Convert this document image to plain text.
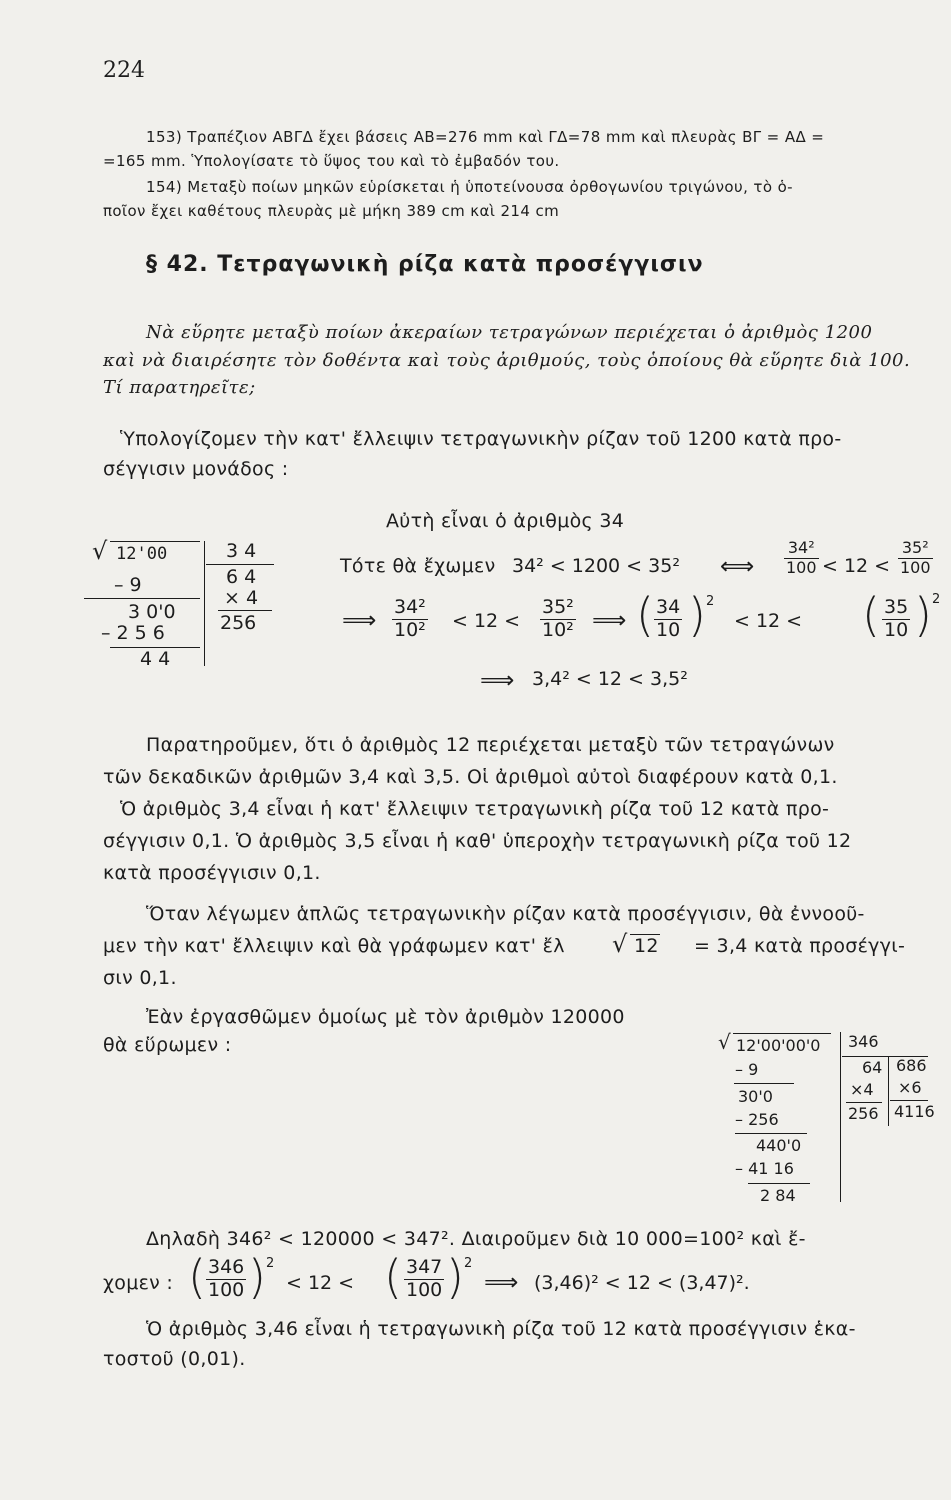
224
153) Τραπέζιον ΑΒΓΔ ἔχει βάσεις ΑΒ=276 mm καὶ ΓΔ=78 mm καὶ πλευρὰς ΒΓ = ΑΔ =
=165 mm. Ὑπολογίσατε τὸ ὕψος του καὶ τὸ ἐμβαδόν του.
154) Μεταξὺ ποίων μηκῶν εὑρίσκεται ἡ ὑποτείνουσα ὀρθογωνίου τριγώνου, τὸ ὁ-
ποῖον ἔχει καθέτους πλευρὰς μὲ μήκη 389 cm καὶ 214 cm
§ 42. Τετραγωνικὴ ρίζα κατὰ προσέγγισιν
Νὰ εὕρητε μεταξὺ ποίων ἀκεραίων τετραγώνων περιέχεται ὁ ἀριθμὸς 1200
καὶ νὰ διαιρέσητε τὸν δοθέντα καὶ τοὺς ἀριθμούς, τοὺς ὁποίους θὰ εὕρητε διὰ 100.
Τί παρατηρεῖτε;
Ὑπολογίζομεν τὴν κατ' ἔλλειψιν τετραγωνικὴν ρίζαν τοῦ 1200 κατὰ προ-
σέγγισιν μονάδος :
√ 12'00
– 9
3 0'0
– 2 5 6
4 4
3 4
6 4
× 4
256
Αὐτὴ εἶναι ὁ ἀριθμὸς 34
Τότε θὰ ἔχωμεν 34² < 1200 < 35² ⟺
34²
100 < 12 <
35²
100
⟹ 34²
10² < 12 <
35²
10² ⟹ ( 34
10 ) 2
< 12 < ( 35
10 ) 2
⟹ 3,4² < 12 < 3,5²
Παρατηροῦμεν, ὅτι ὁ ἀριθμὸς 12 περιέχεται μεταξὺ τῶν τετραγώνων
τῶν δεκαδικῶν ἀριθμῶν 3,4 καὶ 3,5. Οἱ ἀριθμοὶ αὐτοὶ διαφέρουν κατὰ 0,1.
Ὁ ἀριθμὸς 3,4 εἶναι ἡ κατ' ἔλλειψιν τετραγωνικὴ ρίζα τοῦ 12 κατὰ προ-
σέγγισιν 0,1. Ὁ ἀριθμὸς 3,5 εἶναι ἡ καθ' ὑπεροχὴν τετραγωνικὴ ρίζα τοῦ 12
κατὰ προσέγγισιν 0,1.
Ὅταν λέγωμεν ἁπλῶς τετραγωνικὴν ρίζαν κατὰ προσέγγισιν, θὰ ἐννοοῦ-
μεν τὴν κατ' ἔλλειψιν καὶ θὰ γράφωμεν κατ' ἔλ √ 12 = 3,4 κατὰ προσέγγι-
σιν 0,1.
Ἐὰν ἐργασθῶμεν ὁμοίως μὲ τὸν ἀριθμὸν 120000
θὰ εὕρωμεν :	√ 12'00'00'0
– 9
30'0
– 256
440'0
– 41 16
2 84
346
64
×4
256
686
×6
4116
Δηλαδὴ 346² < 120000 < 347². Διαιροῦμεν διὰ 10 000=100² καὶ ἔ-
χομεν : ( 346
100 ) 2
< 12 < ( 347
100 ) 2
⟹ (3,46)² < 12 < (3,47)².
Ὁ ἀριθμὸς 3,46 εἶναι ἡ τετραγωνικὴ ρίζα τοῦ 12 κατὰ προσέγγισιν ἑκα-
τοστοῦ (0,01).
